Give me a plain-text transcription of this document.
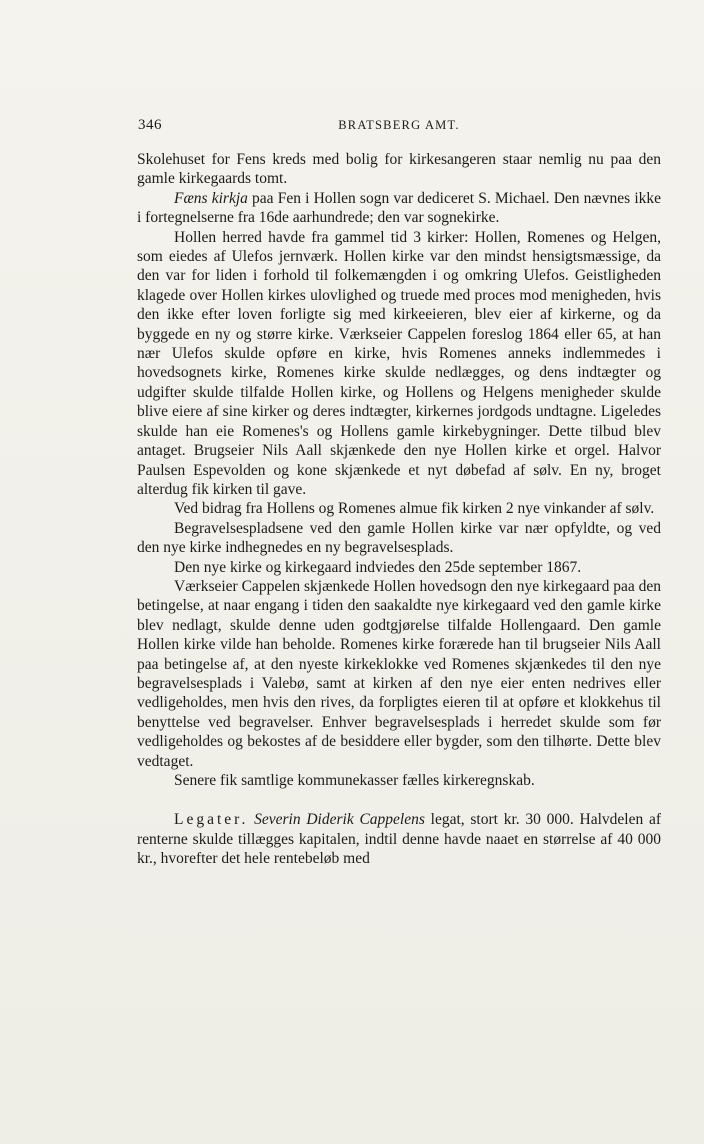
346	BRATSBERG AMT.

Skolehuset for Fens kreds med bolig for kirkesangeren staar nemlig nu paa den gamle kirkegaards tomt.

Fæns kirkja paa Fen i Hollen sogn var dediceret S. Michael. Den nævnes ikke i fortegnelserne fra 16de aarhundrede; den var sognekirke.

Hollen herred havde fra gammel tid 3 kirker: Hollen, Romenes og Helgen, som eiedes af Ulefos jernværk. Hollen kirke var den mindst hensigtsmæssige, da den var for liden i forhold til folkemængden i og omkring Ulefos. Geistligheden klagede over Hollen kirkes ulovlighed og truede med proces mod menigheden, hvis den ikke efter loven forligte sig med kirkeeieren, blev eier af kirkerne, og da byggede en ny og større kirke. Værkseier Cappelen foreslog 1864 eller 65, at han nær Ulefos skulde opføre en kirke, hvis Romenes anneks indlemmedes i hovedsognets kirke, Romenes kirke skulde nedlægges, og dens indtægter og udgifter skulde tilfalde Hollen kirke, og Hollens og Helgens menigheder skulde blive eiere af sine kirker og deres indtægter, kirkernes jordgods undtagne. Ligeledes skulde han eie Romenes's og Hollens gamle kirkebygninger. Dette tilbud blev antaget. Brugseier Nils Aall skjænkede den nye Hollen kirke et orgel. Halvor Paulsen Espevolden og kone skjænkede et nyt døbefad af sølv. En ny, broget alterdug fik kirken til gave.

Ved bidrag fra Hollens og Romenes almue fik kirken 2 nye vinkander af sølv.

Begravelsespladsene ved den gamle Hollen kirke var nær opfyldte, og ved den nye kirke indhegnedes en ny begravelsesplads.

Den nye kirke og kirkegaard indviedes den 25de september 1867.

Værkseier Cappelen skjænkede Hollen hovedsogn den nye kirkegaard paa den betingelse, at naar engang i tiden den saakaldte nye kirkegaard ved den gamle kirke blev nedlagt, skulde denne uden godtgjørelse tilfalde Hollengaard. Den gamle Hollen kirke vilde han beholde. Romenes kirke forærede han til brugseier Nils Aall paa betingelse af, at den nyeste kirkeklokke ved Romenes skjænkedes til den nye begravelsesplads i Valebø, samt at kirken af den nye eier enten nedrives eller vedligeholdes, men hvis den rives, da forpligtes eieren til at opføre et klokkehus til benyttelse ved begravelser. Enhver begravelsesplads i herredet skulde som før vedligeholdes og bekostes af de besiddere eller bygder, som den tilhørte. Dette blev vedtaget.

Senere fik samtlige kommunekasser fælles kirkeregnskab.

Legater. Severin Diderik Cappelens legat, stort kr. 30 000. Halvdelen af renterne skulde tillægges kapitalen, indtil denne havde naaet en størrelse af 40 000 kr., hvorefter det hele rentebeløb med
